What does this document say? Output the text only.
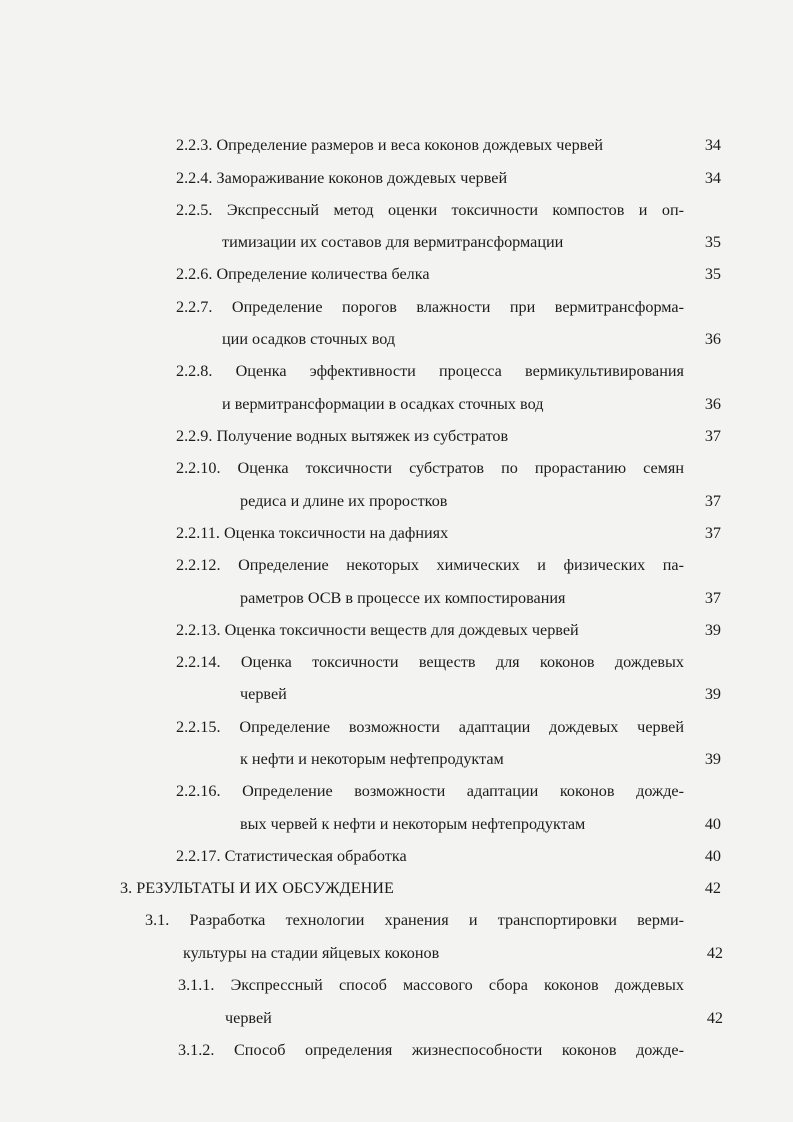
2.2.3. Определение размеров и веса коконов дождевых червей	34
2.2.4. Замораживание коконов дождевых червей	34
2.2.5. Экспрессный метод оценки токсичности компостов и оп-
тимизации их составов для вермитрансформации	35
2.2.6. Определение количества белка	35
2.2.7. Определение порогов влажности при вермитрансформа-
ции осадков сточных вод	36
2.2.8. Оценка эффективности процесса вермикультивирования
и вермитрансформации в осадках сточных вод	36
2.2.9. Получение водных вытяжек из субстратов	37
2.2.10. Оценка токсичности субстратов по прорастанию семян
редиса и длине их проростков	37
2.2.11. Оценка токсичности на дафниях	37
2.2.12. Определение некоторых химических и физических па-
раметров ОСВ в процессе их компостирования	37
2.2.13. Оценка токсичности веществ для дождевых червей	39
2.2.14. Оценка токсичности веществ для коконов дождевых
червей	39
2.2.15. Определение возможности адаптации дождевых червей
к нефти и некоторым нефтепродуктам	39
2.2.16. Определение возможности адаптации коконов дожде-
вых червей к нефти и некоторым нефтепродуктам	40
2.2.17. Статистическая обработка	40
3. РЕЗУЛЬТАТЫ И ИХ ОБСУЖДЕНИЕ	42
3.1. Разработка технологии хранения и транспортировки верми-
культуры на стадии яйцевых коконов	42
3.1.1. Экспрессный способ массового сбора коконов дождевых
червей	42
3.1.2. Способ определения жизнеспособности коконов дожде-
